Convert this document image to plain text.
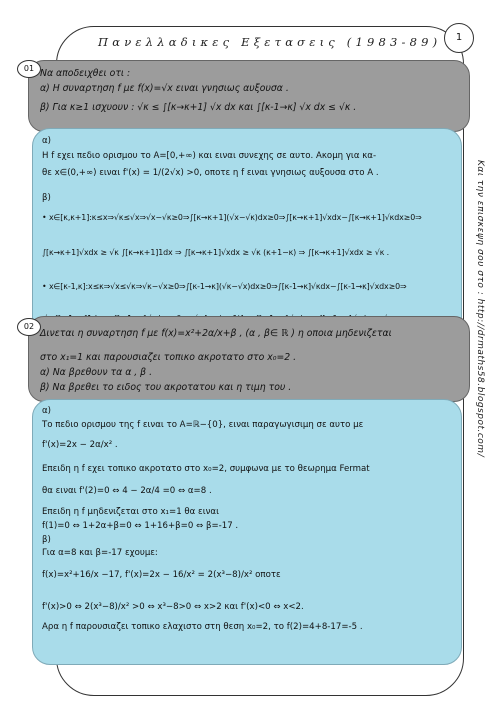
Πανελλαδικες Εξετασεις (1983-89)	1
Και την επισκεψη σου στο : http://drmaths58.blogspot.com/
01 Να αποδειχθει οτι :
α) Η συναρτηση f με f(x)=√x ειναι γνησιως αυξουσα .
β) Για κ≥1 ισχυουν : √κ ≤ ∫[κ→κ+1] √x dx και ∫[κ-1→κ] √x dx ≤ √κ .
α)
Η f εχει πεδιο ορισμου το A=[0,+∞) και ειναι συνεχης σε αυτο. Ακομη για κα-
θε x∈(0,+∞) ειναι f'(x) = 1/(2√x) >0, οποτε η f ειναι γνησιως αυξουσα στο A .
β)
• x∈[κ,κ+1]:κ≤x⇒√κ≤√x⇒√x−√κ≥0⇒∫[κ→κ+1](√x−√κ)dx≥0⇒∫[κ→κ+1]√xdx−∫[κ→κ+1]√κdx≥0⇒
∫[κ→κ+1]√xdx ≥ √κ ∫[κ→κ+1]1dx ⇒ ∫[κ→κ+1]√xdx ≥ √κ (κ+1−κ) ⇒ ∫[κ→κ+1]√xdx ≥ √κ .
• x∈[κ-1,κ]:x≤κ⇒√x≤√κ⇒√κ−√x≥0⇒∫[κ-1→κ](√κ−√x)dx≥0⇒∫[κ-1→κ]√κdx−∫[κ-1→κ]√xdx≥0⇒
02
Δινεται η συναρτηση f με f(x)=x²+2α/x+β , (α , β∈ ℝ ) η οποια μηδενιζεται
στο x₁=1 και παρουσιαζει τοπικο ακροτατο στο x₀=2 .
α) Να βρεθουν τα α , β .
β) Να βρεθει το ειδος του ακροτατου και η τιμη του .
α)
Το πεδιο ορισμου της f ειναι το A=ℝ−{0}, ειναι παραγωγισιμη σε αυτο με
f'(x)=2x − 2α/x² .
Επειδη η f εχει τοπικο ακροτατο στο x₀=2, συμφωνα με το θεωρημα Fermat
θα ειναι f'(2)=0 ⇔ 4 − 2α/4 =0 ⇔ α=8 .
Επειδη η f μηδενιζεται στο x₁=1 θα ειναι
f(1)=0 ⇔ 1+2α+β=0 ⇔ 1+16+β=0 ⇔ β=-17 .
β)
Για α=8 και β=-17 εχουμε:
f(x)=x²+16/x −17, f'(x)=2x − 16/x² = 2(x³−8)/x² οποτε
f'(x)>0 ⇔ 2(x³−8)/x² >0 ⇔ x³−8>0 ⇔ x>2 και f'(x)<0 ⇔ x<2.
Αρα η f παρουσιαζει τοπικο ελαχιστο στη θεση x₀=2, το f(2)=4+8-17=-5 .
